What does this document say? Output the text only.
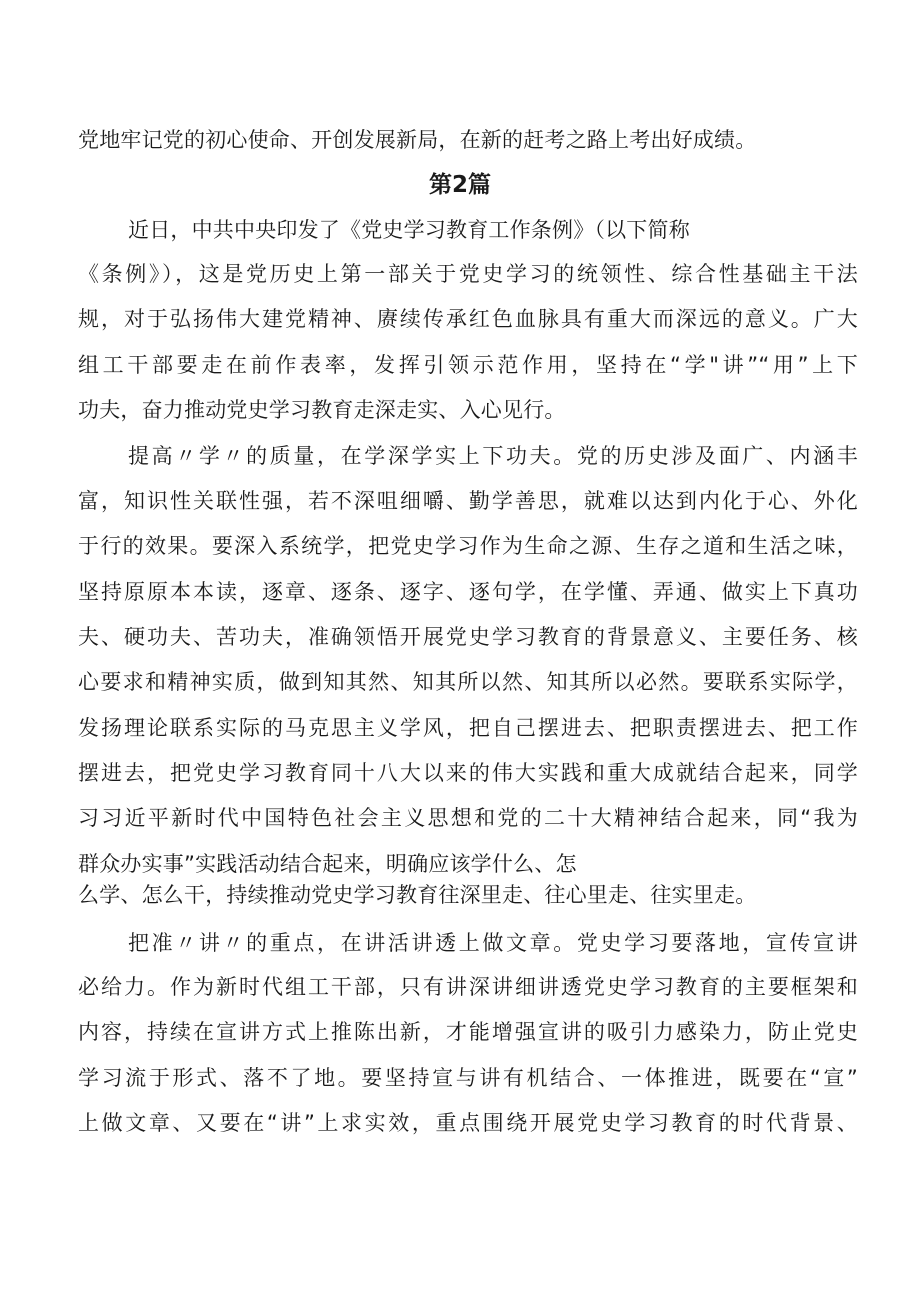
党地牢记党的初心使命、开创发展新局，在新的赶考之路上考出好成绩。
第2篇
近日，中共中央印发了《党史学习教育工作条例》（以下简称
《条例》），这是党历史上第一部关于党史学习的统领性、综合性基础主干法
规，对于弘扬伟大建党精神、赓续传承红色血脉具有重大而深远的意义。广大
组工干部要走在前作表率，发挥引领示范作用，坚持在“学"讲”“用”上下
功夫，奋力推动党史学习教育走深走实、入心见行。
提高〃学〃的质量，在学深学实上下功夫。党的历史涉及面广、内涵丰
富，知识性关联性强，若不深咀细嚼、勤学善思，就难以达到内化于心、外化
于行的效果。要深入系统学，把党史学习作为生命之源、生存之道和生活之味，
坚持原原本本读，逐章、逐条、逐字、逐句学，在学懂、弄通、做实上下真功
夫、硬功夫、苦功夫，准确领悟开展党史学习教育的背景意义、主要任务、核
心要求和精神实质，做到知其然、知其所以然、知其所以必然。要联系实际学，
发扬理论联系实际的马克思主义学风，把自己摆进去、把职责摆进去、把工作
摆进去，把党史学习教育同十八大以来的伟大实践和重大成就结合起来，同学
习习近平新时代中国特色社会主义思想和党的二十大精神结合起来，同“我为
群众办实事”实践活动结合起来，明确应该学什么、怎
么学、怎么干，持续推动党史学习教育往深里走、往心里走、往实里走。
把准〃讲〃的重点，在讲活讲透上做文章。党史学习要落地，宣传宣讲
必给力。作为新时代组工干部，只有讲深讲细讲透党史学习教育的主要框架和
内容，持续在宣讲方式上推陈出新，才能增强宣讲的吸引力感染力，防止党史
学习流于形式、落不了地。要坚持宣与讲有机结合、一体推进，既要在“宣”
上做文章、又要在“讲”上求实效，重点围绕开展党史学习教育的时代背景、
